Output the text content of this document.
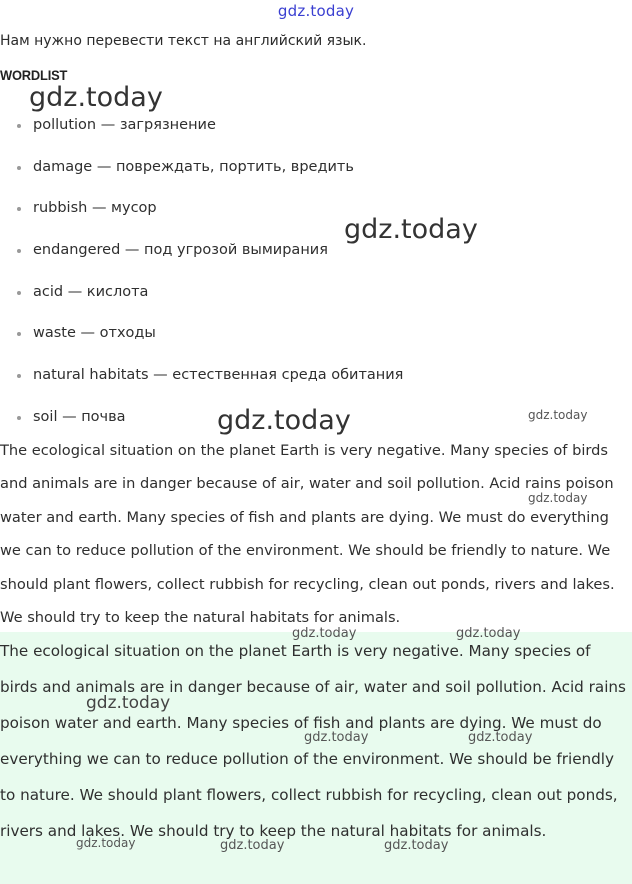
gdz.today
Нам нужно перевести текст на английский язык.
WORDLIST
pollution — загрязнение
damage — повреждать, портить, вредить
rubbish — мусор
endangered — под угрозой вымирания
acid — кислота
waste — отходы
natural habitats — естественная среда обитания
soil — почва
The ecological situation on the planet Earth is very negative. Many species of birds and animals are in danger because of air, water and soil pollution. Acid rains poison water and earth. Many species of fish and plants are dying. We must do everything we can to reduce pollution of the environment. We should be friendly to nature. We should plant flowers, collect rubbish for recycling, clean out ponds, rivers and lakes. We should try to keep the natural habitats for animals.
The ecological situation on the planet Earth is very negative. Many species of birds and animals are in danger because of air, water and soil pollution. Acid rains poison water and earth. Many species of fish and plants are dying. We must do everything we can to reduce pollution of the environment. We should be friendly to nature. We should plant flowers, collect rubbish for recycling, clean out ponds, rivers and lakes. We should try to keep the natural habitats for animals.
gdz.today
gdz.today
gdz.today	gdz.today
gdz.today
gdz.today	gdz.today
gdz.today
gdz.today	gdz.today
gdz.today	gdz.today	gdz.today
